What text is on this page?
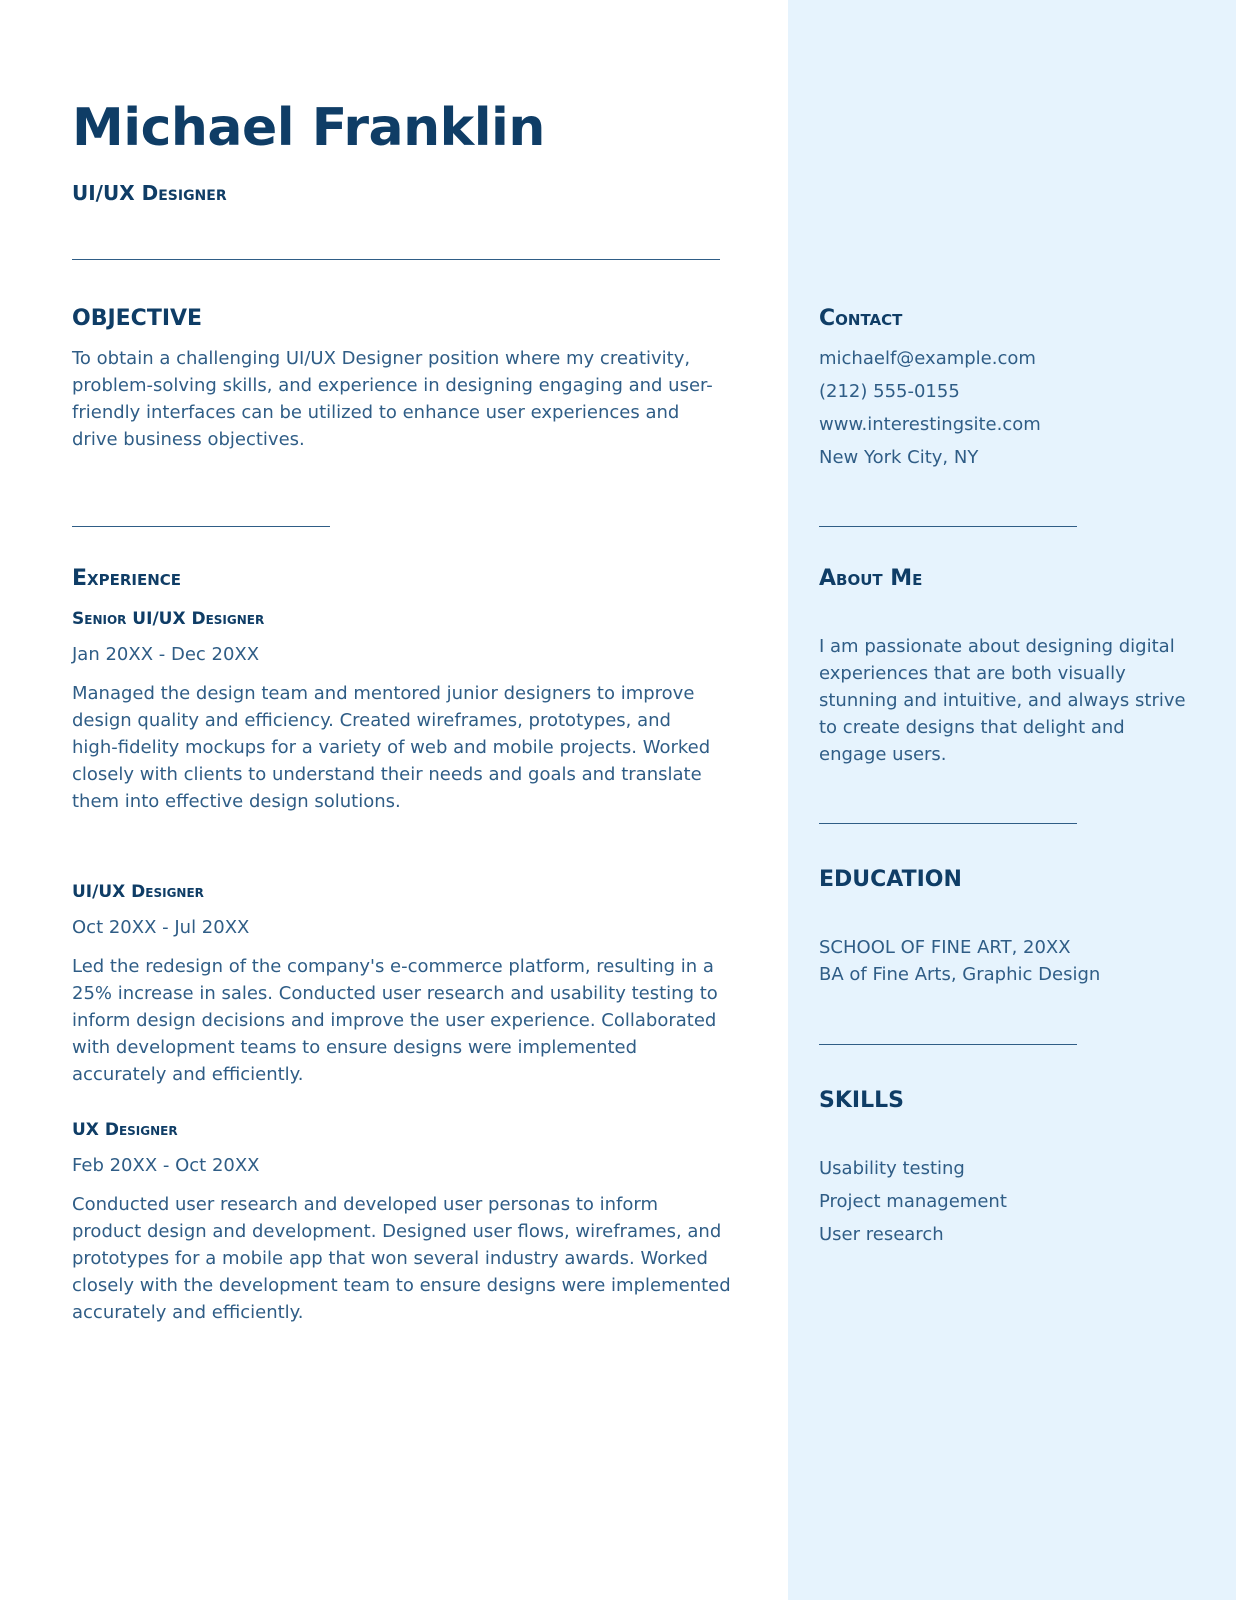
Michael Franklin
UI/UX Designer
OBJECTIVE

To obtain a challenging UI/UX Designer position where my creativity, problem-solving skills, and experience in designing engaging and user-friendly interfaces can be utilized to enhance user experiences and drive business objectives.

Experience
Senior UI/UX Designer
Jan 20XX - Dec 20XX

Managed the design team and mentored junior designers to improve design quality and efficiency. Created wireframes, prototypes, and high-fidelity mockups for a variety of web and mobile projects. Worked closely with clients to understand their needs and goals and translate them into effective design solutions.

UI/UX Designer
Oct 20XX - Jul 20XX

Led the redesign of the company's e-commerce platform, resulting in a 25% increase in sales. Conducted user research and usability testing to inform design decisions and improve the user experience. Collaborated with development teams to ensure designs were implemented accurately and efficiently.

UX Designer
Feb 20XX - Oct 20XX

Conducted user research and developed user personas to inform product design and development. Designed user flows, wireframes, and prototypes for a mobile app that won several industry awards. Worked closely with the development team to ensure designs were implemented accurately and efficiently.

Contact
michaelf@example.com
(212) 555-0155
www.interestingsite.com
New York City, NY
About Me

I am passionate about designing digital experiences that are both visually stunning and intuitive, and always strive to create designs that delight and engage users.

EDUCATION

SCHOOL OF FINE ART, 20XX

BA of Fine Arts, Graphic Design

SKILLS
Usability testing
Project management
User research
